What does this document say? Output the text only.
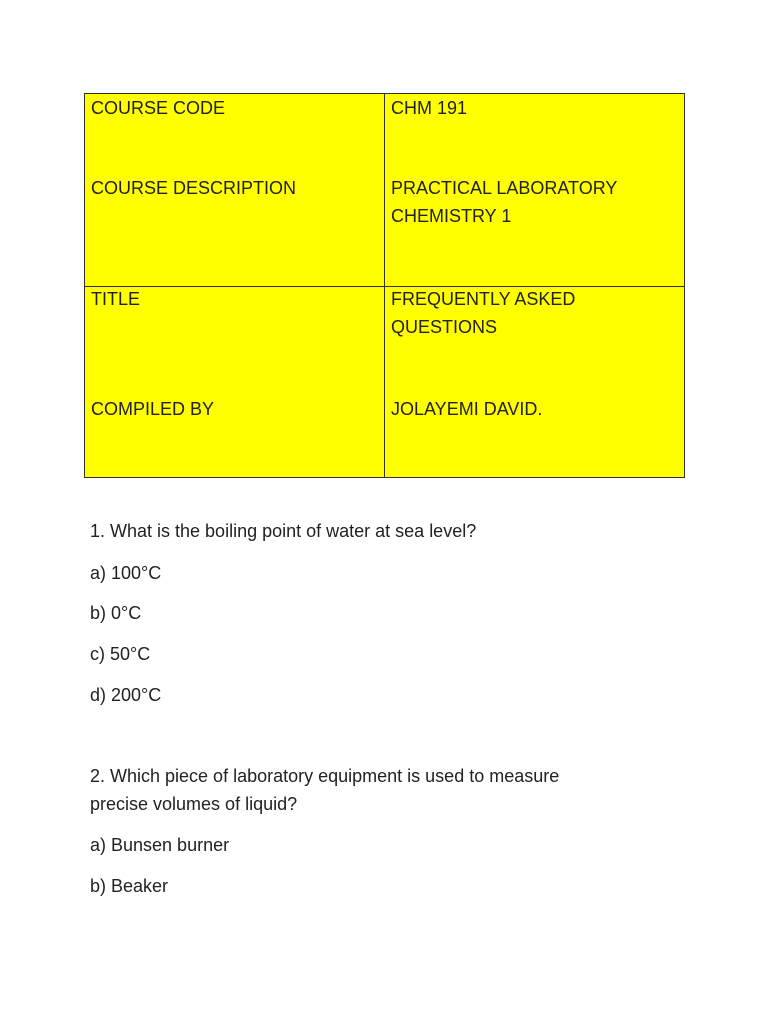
COURSE CODE	CHM 191
COURSE DESCRIPTION	PRACTICAL LABORATORY
CHEMISTRY 1
TITLE	FREQUENTLY ASKED
QUESTIONS
COMPILED BY	JOLAYEMI DAVID.
1. What is the boiling point of water at sea level?
a) 100°C
b) 0°C
c) 50°C
d) 200°C
2. Which piece of laboratory equipment is used to measure
precise volumes of liquid?
a) Bunsen burner
b) Beaker
